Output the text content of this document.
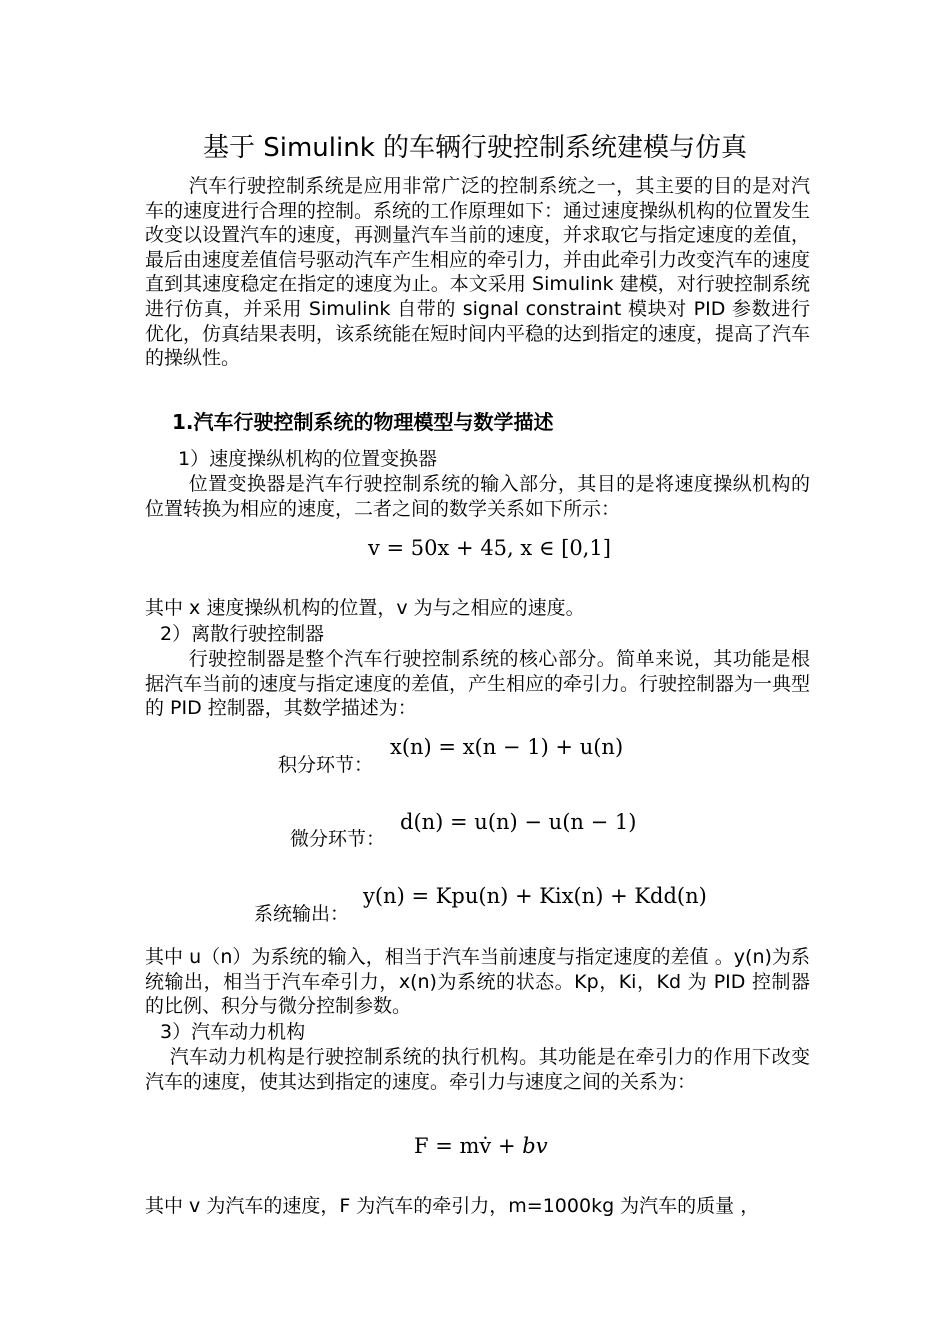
基于 Simulink 的车辆行驶控制系统建模与仿真
汽车行驶控制系统是应用非常广泛的控制系统之一，其主要的目的是对汽车的速度进行合理的控制。系统的工作原理如下：通过速度操纵机构的位置发生改变以设置汽车的速度，再测量汽车当前的速度，并求取它与指定速度的差值，最后由速度差值信号驱动汽车产生相应的牵引力，并由此牵引力改变汽车的速度直到其速度稳定在指定的速度为止。本文采用 Simulink 建模，对行驶控制系统进行仿真，并采用 Simulink 自带的 signal constraint 模块对 PID 参数进行优化，仿真结果表明，该系统能在短时间内平稳的达到指定的速度，提高了汽车的操纵性。
1.汽车行驶控制系统的物理模型与数学描述
1）速度操纵机构的位置变换器
位置变换器是汽车行驶控制系统的输入部分，其目的是将速度操纵机构的位置转换为相应的速度，二者之间的数学关系如下所示：
v = 50x + 45, x ∈ [0,1]
其中 x 速度操纵机构的位置，v 为与之相应的速度。
2）离散行驶控制器
行驶控制器是整个汽车行驶控制系统的核心部分。简单来说，其功能是根据汽车当前的速度与指定速度的差值，产生相应的牵引力。行驶控制器为一典型的 PID 控制器，其数学描述为：
积分环节：
x(n) = x(n − 1) + u(n)
微分环节：
d(n) = u(n) − u(n − 1)
系统输出：
y(n) = Kpu(n) + Kix(n) + Kdd(n)
其中 u（n）为系统的输入，相当于汽车当前速度与指定速度的差值 。y(n)为系统输出，相当于汽车牵引力，x(n)为系统的状态。Kp，Ki，Kd 为 PID 控制器的比例、积分与微分控制参数。
3）汽车动力机构
汽车动力机构是行驶控制系统的执行机构。其功能是在牵引力的作用下改变汽车的速度，使其达到指定的速度。牵引力与速度之间的关系为：
F = mv̇ + bv
其中 v 为汽车的速度，F 为汽车的牵引力，m=1000kg 为汽车的质量 ，
